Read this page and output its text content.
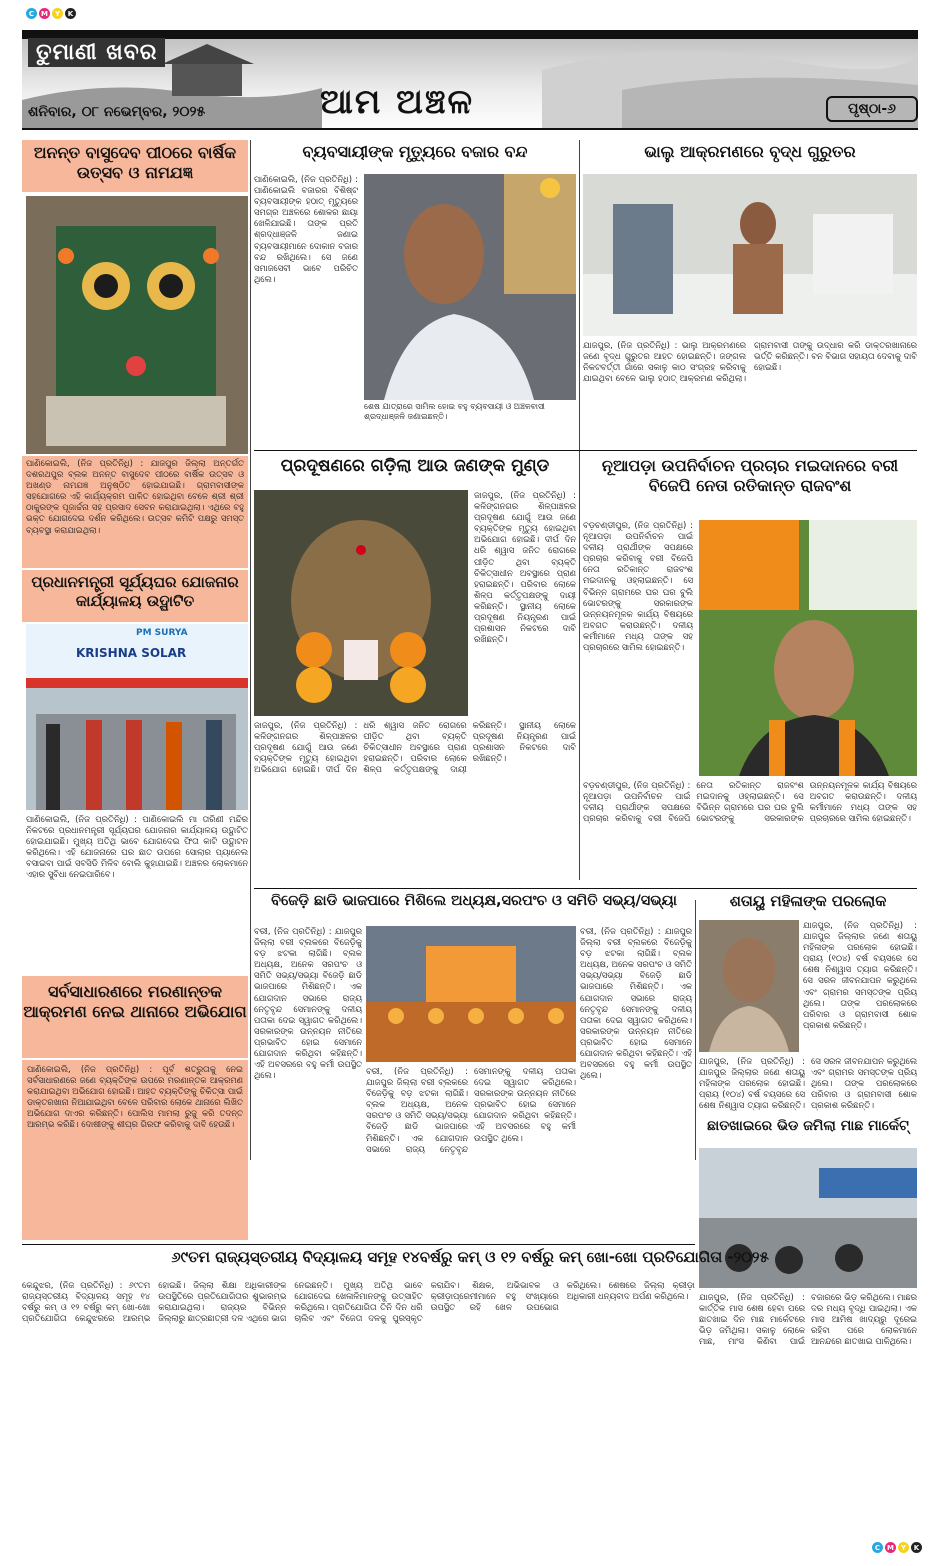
C M Y	K
C M Y	K
ତୁମାଣୀ ଖବର
ଶନିବାର, ୦୮ ନଭେମ୍ବର, ୨୦୨୫	ଆମ ଅଞ୍ଚଳ	ପୃଷ୍ଠା-୬
ଅନନ୍ତ ବାସୁଦେବ ପୀଠରେ ବାର୍ଷିକ ଉତ୍ସବ ଓ ନାମଯଜ୍ଞ
ପାଣିକୋଇଲି, (ନିଜ ପ୍ରତିନିଧି) : ଯାଜପୁର ଜିଲ୍ଲା ଅନ୍ତର୍ଗତ ଦଶରଥପୁର ବ୍ଲକ ଅନନ୍ତ ବାସୁଦେବ ପୀଠରେ ବାର୍ଷିକ ଉତ୍ସବ ଓ ଅଖଣ୍ଡ ନାମଯଜ୍ଞ ଅନୁଷ୍ଠିତ ହୋଇଯାଇଛି। ଗ୍ରାମବାସୀଙ୍କ ସହଯୋଗରେ ଏହି କାର୍ଯ୍ୟକ୍ରମ ପାଳିତ ହୋଇଥିବା ବେଳେ ଶ୍ରୀ ଶ୍ରୀ ଠାକୁରଙ୍କ ପୂଜାର୍ଚ୍ଚନା ସହ ପ୍ରସାଦ ସେବନ କରାଯାଇଥିଲା। ଏଥିରେ ବହୁ ଭକ୍ତ ଯୋଗଦେଇ ଦର୍ଶନ କରିଥିଲେ। ଉତ୍ସବ କମିଟି ପକ୍ଷରୁ ସମସ୍ତ ବ୍ୟବସ୍ଥା କରାଯାଇଥିଲା।
ପ୍ରଧାନମନ୍ତ୍ରୀ ସୂର୍ଯ୍ୟଘର ଯୋଜନାର କାର୍ଯ୍ୟାଳୟ ଉଦ୍ଘାଟିତ
PM SURYA
KRISHNA SOLAR
ପାଣିକୋଇଲି, (ନିଜ ପ୍ରତିନିଧି) : ପାଣିକୋଇଲି ମା ତାରିଣୀ ମନ୍ଦିର ନିକଟରେ ପ୍ରଧାନମନ୍ତ୍ରୀ ସୂର୍ଯ୍ୟଘର ଯୋଜନାର କାର୍ଯ୍ୟାଳୟ ଉଦ୍ଘାଟିତ ହୋଇଯାଇଛି। ମୁଖ୍ୟ ଅତିଥି ଭାବେ ଯୋଗଦେଇ ଫିତା କାଟି ଉଦ୍ଘାଟନ କରିଥିଲେ। ଏହି ଯୋଜନାରେ ଘର ଛାତ ଉପରେ ସୋଲାର ପ୍ୟାନେଲ ବସାଇବା ପାଇଁ ସବସିଡି ମିଳିବ ବୋଲି କୁହାଯାଇଛି। ଅଞ୍ଚଳର ଲୋକମାନେ ଏହାର ସୁବିଧା ନେଇପାରିବେ।
ସର୍ବସାଧାରଣରେ ମରଣାନ୍ତକ ଆକ୍ରମଣ ନେଇ ଥାନାରେ ଅଭିଯୋଗ
ପାଣିକୋଇଲି, (ନିଜ ପ୍ରତିନିଧି) : ପୂର୍ବ ଶତ୍ରୁତାକୁ ନେଇ ସର୍ବସାଧାରଣରେ ଜଣେ ବ୍ୟକ୍ତିଙ୍କ ଉପରେ ମରଣାନ୍ତକ ଆକ୍ରମଣ କରାଯାଇଥିବା ଅଭିଯୋଗ ହୋଇଛି। ଆହତ ବ୍ୟକ୍ତିଙ୍କୁ ଚିକିତ୍ସା ପାଇଁ ଡାକ୍ତରଖାନା ନିଆଯାଇଥିବା ବେଳେ ପରିବାର ଲୋକେ ଥାନାରେ ଲିଖିତ ଅଭିଯୋଗ ଦାଏର କରିଛନ୍ତି। ପୋଲିସ ମାମଲା ରୁଜୁ କରି ତଦନ୍ତ ଆରମ୍ଭ କରିଛି। ଦୋଷୀଙ୍କୁ ଶୀଘ୍ର ଗିରଫ କରିବାକୁ ଦାବି ହେଉଛି।
ବ୍ୟବସାୟୀଙ୍କ ମୃତ୍ୟୁରେ ବଜାର ବନ୍ଦ
ପାଣିକୋଇଲି, (ନିଜ ପ୍ରତିନିଧି) : ପାଣିକୋଇଲି ବଜାରର ବିଶିଷ୍ଟ ବ୍ୟବସାୟୀଙ୍କ ହଠାତ୍ ମୃତ୍ୟୁରେ ସମଗ୍ର ଅଞ୍ଚଳରେ ଶୋକର ଛାୟା ଖେଳିଯାଇଛି। ତାଙ୍କ ପ୍ରତି ଶ୍ରଦ୍ଧାଞ୍ଜଳି ଜଣାଇ ବ୍ୟବସାୟୀମାନେ ଦୋକାନ ବଜାର ବନ୍ଦ ରଖିଥିଲେ। ସେ ଜଣେ ସମାଜସେବୀ ଭାବେ ପରିଚିତ ଥିଲେ।
ଶେଷ ଯାତ୍ରାରେ ସାମିଲ ହୋଇ ବହୁ ବ୍ୟବସାୟୀ ଓ ଅଞ୍ଚଳବାସୀ ଶ୍ରଦ୍ଧାଞ୍ଜଳି ଜଣାଇଛନ୍ତି।
ଭାଲୁ ଆକ୍ରମଣରେ ବୃଦ୍ଧ ଗୁରୁତର
ଯାଜପୁର, (ନିଜ ପ୍ରତିନିଧି) : ଭାଲୁ ଆକ୍ରମଣରେ ଜଣେ ବୃଦ୍ଧ ଗୁରୁତର ଆହତ ହୋଇଛନ୍ତି। ଜଙ୍ଗଲ ନିକଟବର୍ତ୍ତୀ ଗାଁରେ ସକାଳୁ କାଠ ସଂଗ୍ରହ କରିବାକୁ ଯାଇଥିବା ବେଳେ ଭାଲୁ ହଠାତ୍ ଆକ୍ରମଣ କରିଥିଲା। ଗ୍ରାମବାସୀ ତାଙ୍କୁ ଉଦ୍ଧାର କରି ଡାକ୍ତରଖାନାରେ ଭର୍ତ୍ତି କରିଛନ୍ତି। ବନ ବିଭାଗ ସହାୟତା ଦେବାକୁ ଦାବି ହୋଇଛି।
ପ୍ରଦୂଷଣରେ ଗଡ଼ିଲା ଆଉ ଜଣଙ୍କ ମୁଣ୍ଡ
ଜାଜପୁର, (ନିଜ ପ୍ରତିନିଧି) : କଳିଙ୍ଗନଗର ଶିଳ୍ପାଞ୍ଚଳର ପ୍ରଦୂଷଣ ଯୋଗୁଁ ଆଉ ଜଣେ ବ୍ୟକ୍ତିଙ୍କ ମୃତ୍ୟୁ ହୋଇଥିବା ଅଭିଯୋଗ ହୋଇଛି। ଦୀର୍ଘ ଦିନ ଧରି ଶ୍ୱାସ ଜନିତ ରୋଗରେ ପୀଡ଼ିତ ଥିବା ବ୍ୟକ୍ତି ଚିକିତ୍ସାଧୀନ ଅବସ୍ଥାରେ ପ୍ରାଣ ହରାଇଛନ୍ତି। ପରିବାର ଲୋକେ ଶିଳ୍ପ କର୍ତ୍ତୃପକ୍ଷଙ୍କୁ ଦାୟୀ କରିଛନ୍ତି। ସ୍ଥାନୀୟ ଲୋକେ ପ୍ରଦୂଷଣ ନିୟନ୍ତ୍ରଣ ପାଇଁ ପ୍ରଶାସନ ନିକଟରେ ଦାବି ରଖିଛନ୍ତି।
ଜାଜପୁର, (ନିଜ ପ୍ରତିନିଧି) : କଳିଙ୍ଗନଗର ଶିଳ୍ପାଞ୍ଚଳର ପ୍ରଦୂଷଣ ଯୋଗୁଁ ଆଉ ଜଣେ ବ୍ୟକ୍ତିଙ୍କ ମୃତ୍ୟୁ ହୋଇଥିବା ଅଭିଯୋଗ ହୋଇଛି। ଦୀର୍ଘ ଦିନ ଧରି ଶ୍ୱାସ ଜନିତ ରୋଗରେ ପୀଡ଼ିତ ଥିବା ବ୍ୟକ୍ତି ଚିକିତ୍ସାଧୀନ ଅବସ୍ଥାରେ ପ୍ରାଣ ହରାଇଛନ୍ତି। ପରିବାର ଲୋକେ ଶିଳ୍ପ କର୍ତ୍ତୃପକ୍ଷଙ୍କୁ ଦାୟୀ କରିଛନ୍ତି। ସ୍ଥାନୀୟ ଲୋକେ ପ୍ରଦୂଷଣ ନିୟନ୍ତ୍ରଣ ପାଇଁ ପ୍ରଶାସନ ନିକଟରେ ଦାବି ରଖିଛନ୍ତି।
ନୂଆପଡ଼ା ଉପନିର୍ବାଚନ ପ୍ରଚାର ମଇଦାନରେ ବରୀ ବିଜେପି ନେତା ରତିକାନ୍ତ ରାଜବଂଶ
ବଡ଼ଚଣ୍ଡୀପୁର, (ନିଜ ପ୍ରତିନିଧି) : ନୂଆପଡ଼ା ଉପନିର୍ବାଚନ ପାଇଁ ଦଳୀୟ ପ୍ରାର୍ଥୀଙ୍କ ସପକ୍ଷରେ ପ୍ରଚାର କରିବାକୁ ବରୀ ବିଜେପି ନେତା ରତିକାନ୍ତ ରାଜବଂଶ ମଇଦାନକୁ ଓହ୍ଲାଇଛନ୍ତି। ସେ ବିଭିନ୍ନ ଗ୍ରାମରେ ଘର ଘର ବୁଲି ଭୋଟରଙ୍କୁ ସରକାରଙ୍କ ଉନ୍ନୟନମୂଳକ କାର୍ଯ୍ୟ ବିଷୟରେ ଅବଗତ କରାଉଛନ୍ତି। ଦଳୀୟ କର୍ମୀମାନେ ମଧ୍ୟ ତାଙ୍କ ସହ ପ୍ରଚାରରେ ସାମିଲ ହୋଇଛନ୍ତି।
ବଡ଼ଚଣ୍ଡୀପୁର, (ନିଜ ପ୍ରତିନିଧି) : ନୂଆପଡ଼ା ଉପନିର୍ବାଚନ ପାଇଁ ଦଳୀୟ ପ୍ରାର୍ଥୀଙ୍କ ସପକ୍ଷରେ ପ୍ରଚାର କରିବାକୁ ବରୀ ବିଜେପି ନେତା ରତିକାନ୍ତ ରାଜବଂଶ ମଇଦାନକୁ ଓହ୍ଲାଇଛନ୍ତି। ସେ ବିଭିନ୍ନ ଗ୍ରାମରେ ଘର ଘର ବୁଲି ଭୋଟରଙ୍କୁ ସରକାରଙ୍କ ଉନ୍ନୟନମୂଳକ କାର୍ଯ୍ୟ ବିଷୟରେ ଅବଗତ କରାଉଛନ୍ତି। ଦଳୀୟ କର୍ମୀମାନେ ମଧ୍ୟ ତାଙ୍କ ସହ ପ୍ରଚାରରେ ସାମିଲ ହୋଇଛନ୍ତି।
ବିଜେଡ଼ି ଛାଡି ଭାଜପାରେ ମିଶିଲେ ଅଧ୍ୟକ୍ଷ,ସରପଂଚ ଓ ସମିତି ସଭ୍ୟ/ସଭ୍ୟା
ବରୀ, (ନିଜ ପ୍ରତିନିଧି) : ଯାଜପୁର ଜିଲ୍ଲା ବରୀ ବ୍ଲକରେ ବିଜେଡ଼ିକୁ ବଡ଼ ଝଟକା ଲାଗିଛି। ବ୍ଲକ ଅଧ୍ୟକ୍ଷ, ଅନେକ ସରପଂଚ ଓ ସମିତି ସଭ୍ୟ/ସଭ୍ୟା ବିଜେଡ଼ି ଛାଡି ଭାଜପାରେ ମିଶିଛନ୍ତି। ଏକ ଯୋଗଦାନ ସଭାରେ ରାଜ୍ୟ ନେତୃବୃନ୍ଦ ସେମାନଙ୍କୁ ଦଳୀୟ ପତାକା ଦେଇ ସ୍ୱାଗତ କରିଥିଲେ। ସରକାରଙ୍କ ଉନ୍ନୟନ ନୀତିରେ ପ୍ରଭାବିତ ହୋଇ ସେମାନେ ଯୋଗଦାନ କରିଥିବା କହିଛନ୍ତି। ଏହି ଅବସରରେ ବହୁ କର୍ମୀ ଉପସ୍ଥିତ ଥିଲେ।
ବରୀ, (ନିଜ ପ୍ରତିନିଧି) : ଯାଜପୁର ଜିଲ୍ଲା ବରୀ ବ୍ଲକରେ ବିଜେଡ଼ିକୁ ବଡ଼ ଝଟକା ଲାଗିଛି। ବ୍ଲକ ଅଧ୍ୟକ୍ଷ, ଅନେକ ସରପଂଚ ଓ ସମିତି ସଭ୍ୟ/ସଭ୍ୟା ବିଜେଡ଼ି ଛାଡି ଭାଜପାରେ ମିଶିଛନ୍ତି। ଏକ ଯୋଗଦାନ ସଭାରେ ରାଜ୍ୟ ନେତୃବୃନ୍ଦ ସେମାନଙ୍କୁ ଦଳୀୟ ପତାକା ଦେଇ ସ୍ୱାଗତ କରିଥିଲେ। ସରକାରଙ୍କ ଉନ୍ନୟନ ନୀତିରେ ପ୍ରଭାବିତ ହୋଇ ସେମାନେ ଯୋଗଦାନ କରିଥିବା କହିଛନ୍ତି। ଏହି ଅବସରରେ ବହୁ କର୍ମୀ ଉପସ୍ଥିତ ଥିଲେ।
ବରୀ, (ନିଜ ପ୍ରତିନିଧି) : ଯାଜପୁର ଜିଲ୍ଲା ବରୀ ବ୍ଲକରେ ବିଜେଡ଼ିକୁ ବଡ଼ ଝଟକା ଲାଗିଛି। ବ୍ଲକ ଅଧ୍ୟକ୍ଷ, ଅନେକ ସରପଂଚ ଓ ସମିତି ସଭ୍ୟ/ସଭ୍ୟା ବିଜେଡ଼ି ଛାଡି ଭାଜପାରେ ମିଶିଛନ୍ତି। ଏକ ଯୋଗଦାନ ସଭାରେ ରାଜ୍ୟ ନେତୃବୃନ୍ଦ ସେମାନଙ୍କୁ ଦଳୀୟ ପତାକା ଦେଇ ସ୍ୱାଗତ କରିଥିଲେ। ସରକାରଙ୍କ ଉନ୍ନୟନ ନୀତିରେ ପ୍ରଭାବିତ ହୋଇ ସେମାନେ ଯୋଗଦାନ କରିଥିବା କହିଛନ୍ତି। ଏହି ଅବସରରେ ବହୁ କର୍ମୀ ଉପସ୍ଥିତ ଥିଲେ।
ଶତାୟୁ ମହିଳାଙ୍କ ପରଲୋକ
ଯାଜପୁର, (ନିଜ ପ୍ରତିନିଧି) : ଯାଜପୁର ଜିଲ୍ଲାର ଜଣେ ଶତାୟୁ ମହିଳାଙ୍କ ପରଲୋକ ହୋଇଛି। ପ୍ରାୟ (୧୦୪) ବର୍ଷ ବୟସରେ ସେ ଶେଷ ନିଶ୍ୱାସ ତ୍ୟାଗ କରିଛନ୍ତି। ସେ ସରଳ ଜୀବନଯାପନ କରୁଥିଲେ ଏବଂ ଗ୍ରାମର ସମସ୍ତଙ୍କ ପ୍ରିୟ ଥିଲେ। ତାଙ୍କ ପରଲୋକରେ ପରିବାର ଓ ଗ୍ରାମବାସୀ ଶୋକ ପ୍ରକାଶ କରିଛନ୍ତି।
ଯାଜପୁର, (ନିଜ ପ୍ରତିନିଧି) : ଯାଜପୁର ଜିଲ୍ଲାର ଜଣେ ଶତାୟୁ ମହିଳାଙ୍କ ପରଲୋକ ହୋଇଛି। ପ୍ରାୟ (୧୦୪) ବର୍ଷ ବୟସରେ ସେ ଶେଷ ନିଶ୍ୱାସ ତ୍ୟାଗ କରିଛନ୍ତି। ସେ ସରଳ ଜୀବନଯାପନ କରୁଥିଲେ ଏବଂ ଗ୍ରାମର ସମସ୍ତଙ୍କ ପ୍ରିୟ ଥିଲେ। ତାଙ୍କ ପରଲୋକରେ ପରିବାର ଓ ଗ୍ରାମବାସୀ ଶୋକ ପ୍ରକାଶ କରିଛନ୍ତି।
ଛାତଖାଇରେ ଭିଡ ଜମିଲା ମାଛ ମାର୍କେଟ୍
ଯାଜପୁର, (ନିଜ ପ୍ରତିନିଧି) : କାର୍ତ୍ତିକ ମାସ ଶେଷ ହେବା ପରେ ଛାତଖାଇ ଦିନ ମାଛ ମାର୍କେଟରେ ଭିଡ଼ ଜମିଥିଲା। ସକାଳୁ ଲୋକେ ମାଛ, ମାଂସ କିଣିବା ପାଇଁ ବଜାରରେ ଭିଡ଼ କରିଥିଲେ। ମାଛର ଦର ମଧ୍ୟ ବୃଦ୍ଧି ପାଇଥିଲା। ଏକ ମାସ ଆମିଷ ଖାଦ୍ୟରୁ ଦୂରେଇ ରହିବା ପରେ ଲୋକମାନେ ଆନନ୍ଦରେ ଛାତଖାଇ ପାଳିଥିଲେ।
୬୯ତମ ରାଜ୍ୟସ୍ତରୀୟ ବିଦ୍ୟାଳୟ ସମୂହ ୧୪ବର୍ଷରୁ କମ୍ ଓ ୧୨ ବର୍ଷରୁ କମ୍ ଖୋ-ଖୋ ପ୍ରତିଯୋଗିତା -୨୦୨୫
କେନ୍ଦୁଝର, (ନିଜ ପ୍ରତିନିଧି) : ୬୯ତମ ରାଜ୍ୟସ୍ତରୀୟ ବିଦ୍ୟାଳୟ ସମୂହ ୧୪ ବର୍ଷରୁ କମ୍ ଓ ୧୨ ବର୍ଷରୁ କମ୍ ଖୋ-ଖୋ ପ୍ରତିଯୋଗିତା କେନ୍ଦୁଝରରେ ଆରମ୍ଭ ହୋଇଛି। ଜିଲ୍ଲା ଶିକ୍ଷା ଅଧିକାରୀଙ୍କ ଉପସ୍ଥିତିରେ ପ୍ରତିଯୋଗିତାର ଶୁଭାରମ୍ଭ କରାଯାଇଥିଲା। ରାଜ୍ୟର ବିଭିନ୍ନ ଜିଲ୍ଲାରୁ ଛାତ୍ରଛାତ୍ରୀ ଦଳ ଏଥିରେ ଭାଗ ନେଇଛନ୍ତି। ମୁଖ୍ୟ ଅତିଥି ଭାବେ ଯୋଗଦେଇ ଖେଳାଳିମାନଙ୍କୁ ଉତ୍ସାହିତ କରିଥିଲେ। ପ୍ରତିଯୋଗିତା ତିନି ଦିନ ଧରି ଚାଲିବ ଏବଂ ବିଜେତା ଦଳକୁ ପୁରସ୍କୃତ କରାଯିବ। ଶିକ୍ଷକ, ଅଭିଭାବକ ଓ କ୍ରୀଡ଼ାପ୍ରେମୀମାନେ ବହୁ ସଂଖ୍ୟାରେ ଉପସ୍ଥିତ ରହି ଖେଳ ଉପଭୋଗ କରିଥିଲେ। ଶେଷରେ ଜିଲ୍ଲା କ୍ରୀଡ଼ା ଅଧିକାରୀ ଧନ୍ୟବାଦ ଅର୍ପଣ କରିଥିଲେ।
